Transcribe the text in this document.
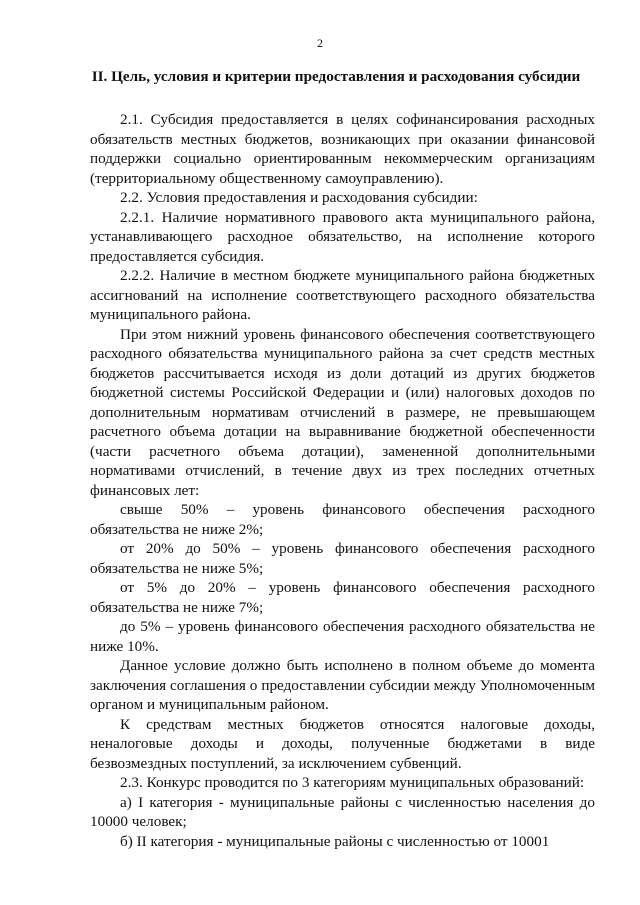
2
II. Цель, условия и критерии предоставления и расходования субсидии

2.1. Субсидия предоставляется в целях софинансирования расходных обязательств местных бюджетов, возникающих при оказании финансовой поддержки социально ориентированным некоммерческим организациям (территориальному общественному самоуправлению).

2.2. Условия предоставления и расходования субсидии:

2.2.1. Наличие нормативного правового акта муниципального района, устанавливающего расходное обязательство, на исполнение которого предоставляется субсидия.

2.2.2. Наличие в местном бюджете муниципального района бюджетных ассигнований на исполнение соответствующего расходного обязательства муниципального района.

При этом нижний уровень финансового обеспечения соответствующего расходного обязательства муниципального района за счет средств местных бюджетов рассчитывается исходя из доли дотаций из других бюджетов бюджетной системы Российской Федерации и (или) налоговых доходов по дополнительным нормативам отчислений в размере, не превышающем расчетного объема дотации на выравнивание бюджетной обеспеченности (части расчетного объема дотации), замененной дополнительными нормативами отчислений, в течение двух из трех последних отчетных финансовых лет:

свыше 50% – уровень финансового обеспечения расходного обязательства не ниже 2%;

от 20% до 50% – уровень финансового обеспечения расходного обязательства не ниже 5%;

от 5% до 20% – уровень финансового обеспечения расходного обязательства не ниже 7%;

до 5% – уровень финансового обеспечения расходного обязательства не ниже 10%.

Данное условие должно быть исполнено в полном объеме до момента заключения соглашения о предоставлении субсидии между Уполномоченным органом и муниципальным районом.

К средствам местных бюджетов относятся налоговые доходы, неналоговые доходы и доходы, полученные бюджетами в виде безвозмездных поступлений, за исключением субвенций.

2.3. Конкурс проводится по 3 категориям муниципальных образований:

а) I категория - муниципальные районы с численностью населения до 10000 человек;

б) II категория - муниципальные районы с численностью от 10001
